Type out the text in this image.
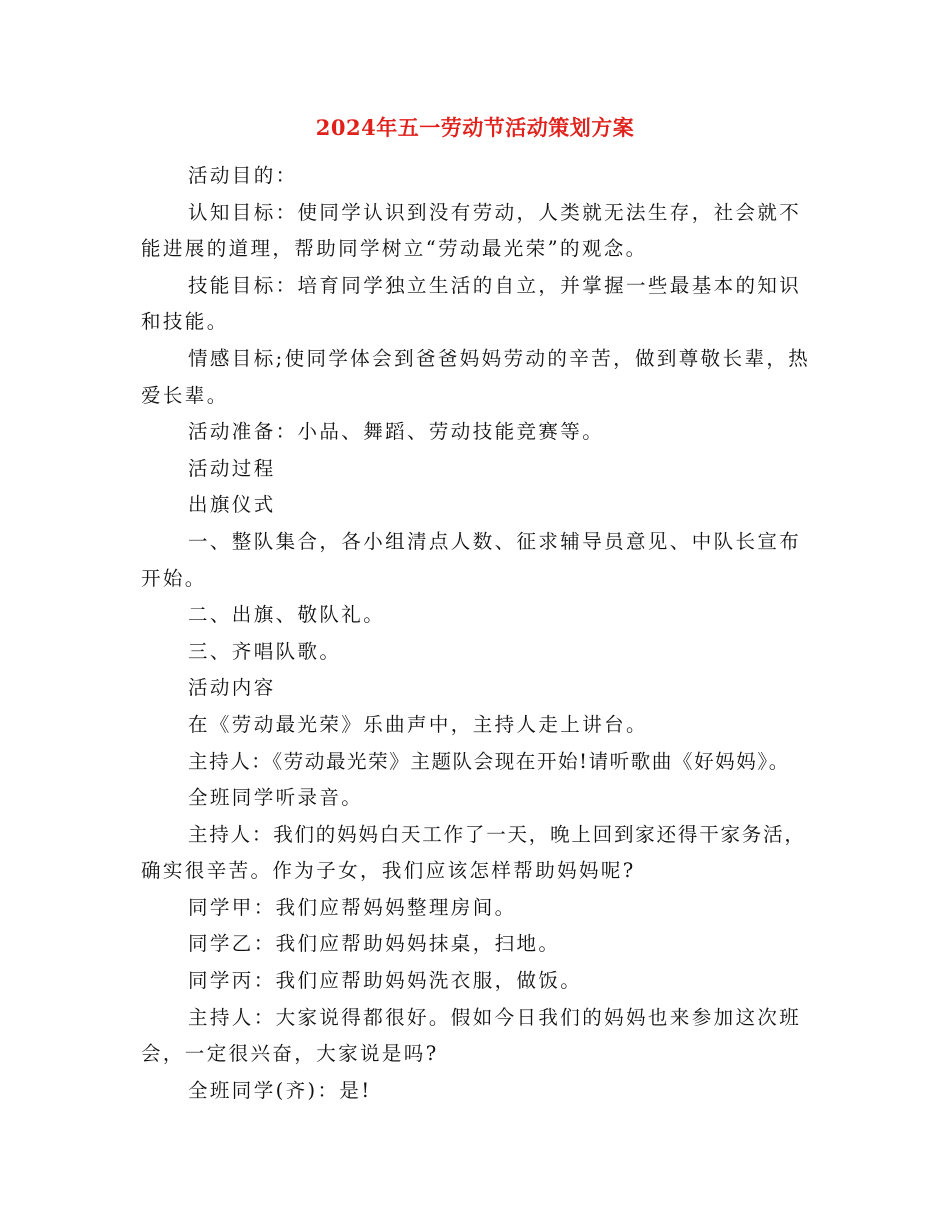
2024年五一劳动节活动策划方案

活动目的：

认知目标：使同学认识到没有劳动，人类就无法生存，社会就不
能进展的道理，帮助同学树立“劳动最光荣”的观念。

技能目标：培育同学独立生活的自立，并掌握一些最基本的知识
和技能。

情感目标;使同学体会到爸爸妈妈劳动的辛苦，做到尊敬长辈，热
爱长辈。

活动准备：小品、舞蹈、劳动技能竞赛等。

活动过程

出旗仪式

一、整队集合，各小组清点人数、征求辅导员意见、中队长宣布
开始。

二、出旗、敬队礼。

三、齐唱队歌。

活动内容

在《劳动最光荣》乐曲声中，主持人走上讲台。

主持人：《劳动最光荣》主题队会现在开始!请听歌曲《好妈妈》。

全班同学听录音。

主持人：我们的妈妈白天工作了一天，晚上回到家还得干家务活，
确实很辛苦。作为子女，我们应该怎样帮助妈妈呢?

同学甲：我们应帮妈妈整理房间。

同学乙：我们应帮助妈妈抹桌，扫地。

同学丙：我们应帮助妈妈洗衣服，做饭。

主持人：大家说得都很好。假如今日我们的妈妈也来参加这次班
会，一定很兴奋，大家说是吗?

全班同学(齐)：是!
